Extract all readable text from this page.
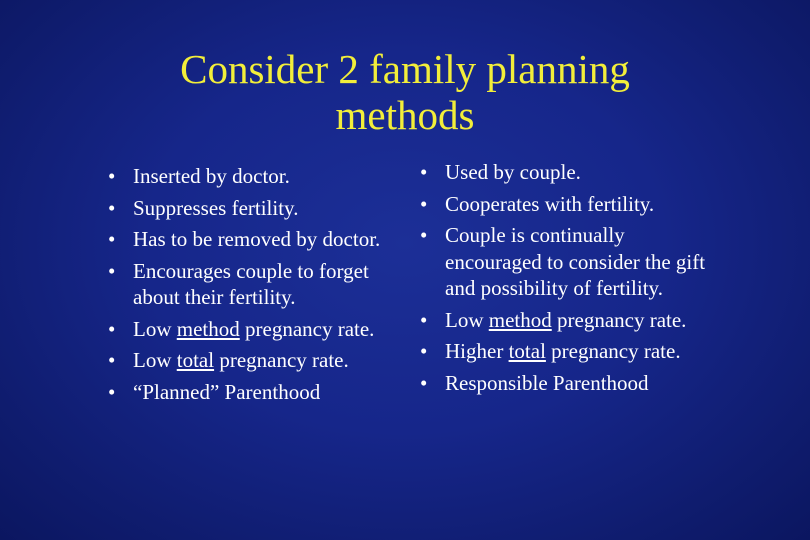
Consider 2 family planning
methods
• Inserted by doctor.
• Suppresses fertility.
• Has to be removed by doctor.
• Encourages couple to forget about their fertility.
• Low method pregnancy rate.
• Low total pregnancy rate.
• “Planned” Parenthood
• Used by couple.
• Cooperates with fertility.
• Couple is continually encouraged to consider the gift and possibility of fertility.
• Low method pregnancy rate.
• Higher total pregnancy rate.
• Responsible Parenthood
